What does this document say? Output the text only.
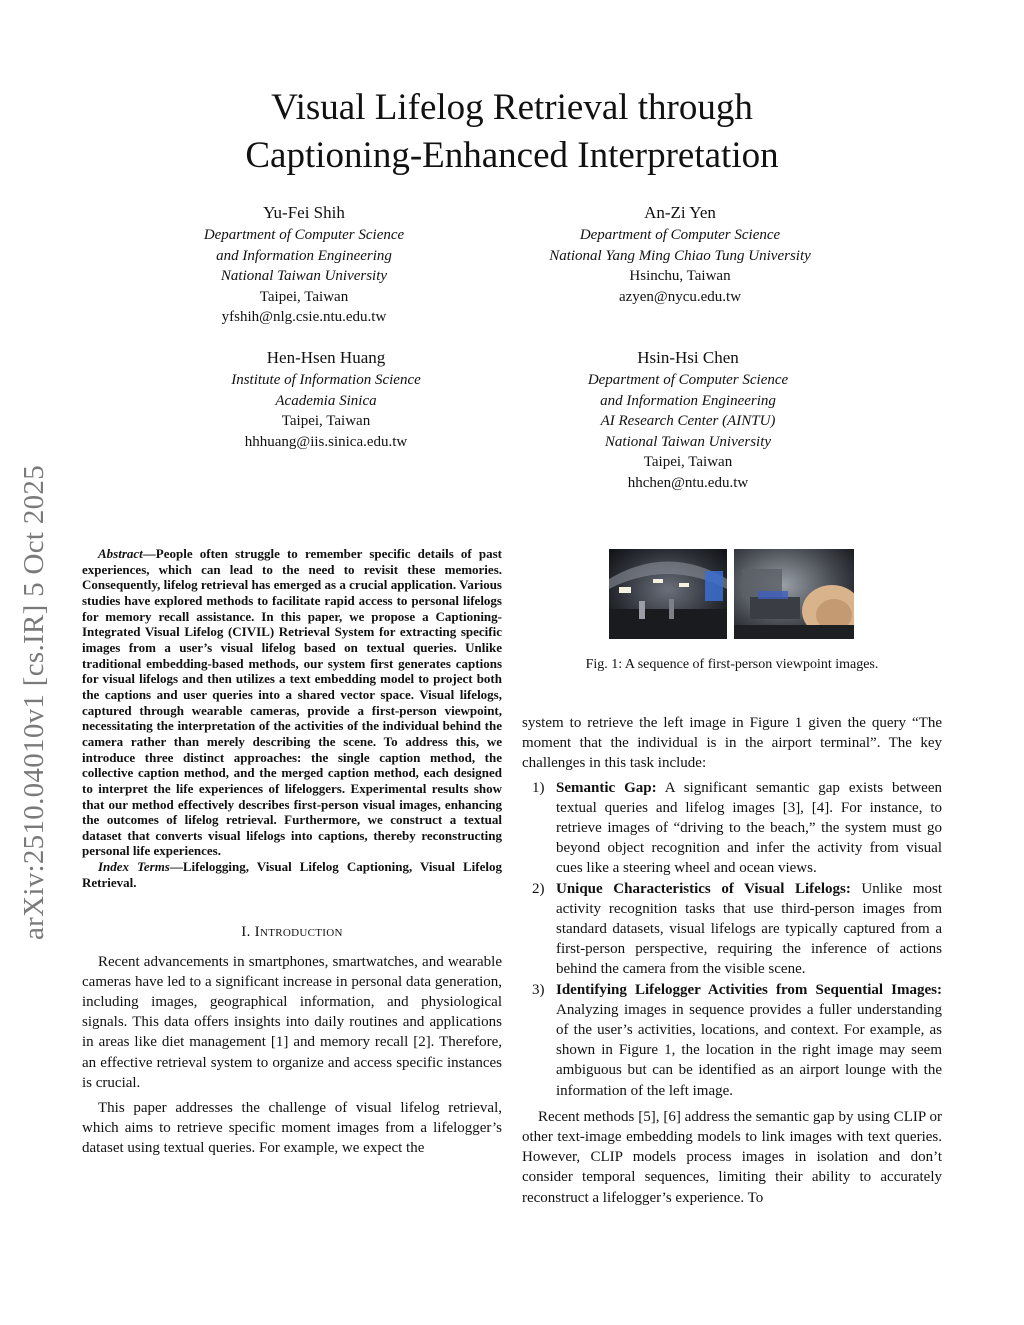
arXiv:2510.04010v1 [cs.IR] 5 Oct 2025
Visual Lifelog Retrieval through
Captioning-Enhanced Interpretation
Yu-Fei Shih
Department of Computer Science
and Information Engineering
National Taiwan University
Taipei, Taiwan
yfshih@nlg.csie.ntu.edu.tw
An-Zi Yen
Department of Computer Science
National Yang Ming Chiao Tung University
Hsinchu, Taiwan
azyen@nycu.edu.tw
Hen-Hsen Huang
Institute of Information Science
Academia Sinica
Taipei, Taiwan
hhhuang@iis.sinica.edu.tw
Hsin-Hsi Chen
Department of Computer Science
and Information Engineering
AI Research Center (AINTU)
National Taiwan University
Taipei, Taiwan
hhchen@ntu.edu.tw

Abstract—People often struggle to remember specific details of past experiences, which can lead to the need to revisit these memories. Consequently, lifelog retrieval has emerged as a crucial application. Various studies have explored methods to facilitate rapid access to personal lifelogs for memory recall assistance. In this paper, we propose a Captioning-Integrated Visual Lifelog (CIVIL) Retrieval System for extracting specific images from a user’s visual lifelog based on textual queries. Unlike traditional embedding-based methods, our system first generates captions for visual lifelogs and then utilizes a text embedding model to project both the captions and user queries into a shared vector space. Visual lifelogs, captured through wearable cameras, provide a first-person viewpoint, necessitating the interpretation of the activities of the individual behind the camera rather than merely describing the scene. To address this, we introduce three distinct approaches: the single caption method, the collective caption method, and the merged caption method, each designed to interpret the life experiences of lifeloggers. Experimental results show that our method effectively describes first-person visual images, enhancing the outcomes of lifelog retrieval. Furthermore, we construct a textual dataset that converts visual lifelogs into captions, thereby reconstructing personal life experiences.

Index Terms—Lifelogging, Visual Lifelog Captioning, Visual Lifelog Retrieval.

I. Introduction

Recent advancements in smartphones, smartwatches, and wearable cameras have led to a significant increase in personal data generation, including images, geographical information, and physiological signals. This data offers insights into daily routines and applications in areas like diet management [1] and memory recall [2]. Therefore, an effective retrieval system to organize and access specific instances is crucial.

This paper addresses the challenge of visual lifelog retrieval, which aims to retrieve specific moment images from a lifelogger’s dataset using textual queries. For example, we expect the

Fig. 1: A sequence of first-person viewpoint images.

system to retrieve the left image in Figure 1 given the query “The moment that the individual is in the airport terminal”. The key challenges in this task include:

1) Semantic Gap: A significant semantic gap exists between textual queries and lifelog images [3], [4]. For instance, to retrieve images of “driving to the beach,” the system must go beyond object recognition and infer the activity from visual cues like a steering wheel and ocean views.
2) Unique Characteristics of Visual Lifelogs: Unlike most activity recognition tasks that use third-person images from standard datasets, visual lifelogs are typically captured from a first-person perspective, requiring the inference of actions behind the camera from the visible scene.
3) Identifying Lifelogger Activities from Sequential Images: Analyzing images in sequence provides a fuller understanding of the user’s activities, locations, and context. For example, as shown in Figure 1, the location in the right image may seem ambiguous but can be identified as an airport lounge with the information of the left image.

Recent methods [5], [6] address the semantic gap by using CLIP or other text-image embedding models to link images with text queries. However, CLIP models process images in isolation and don’t consider temporal sequences, limiting their ability to accurately reconstruct a lifelogger’s experience. To
